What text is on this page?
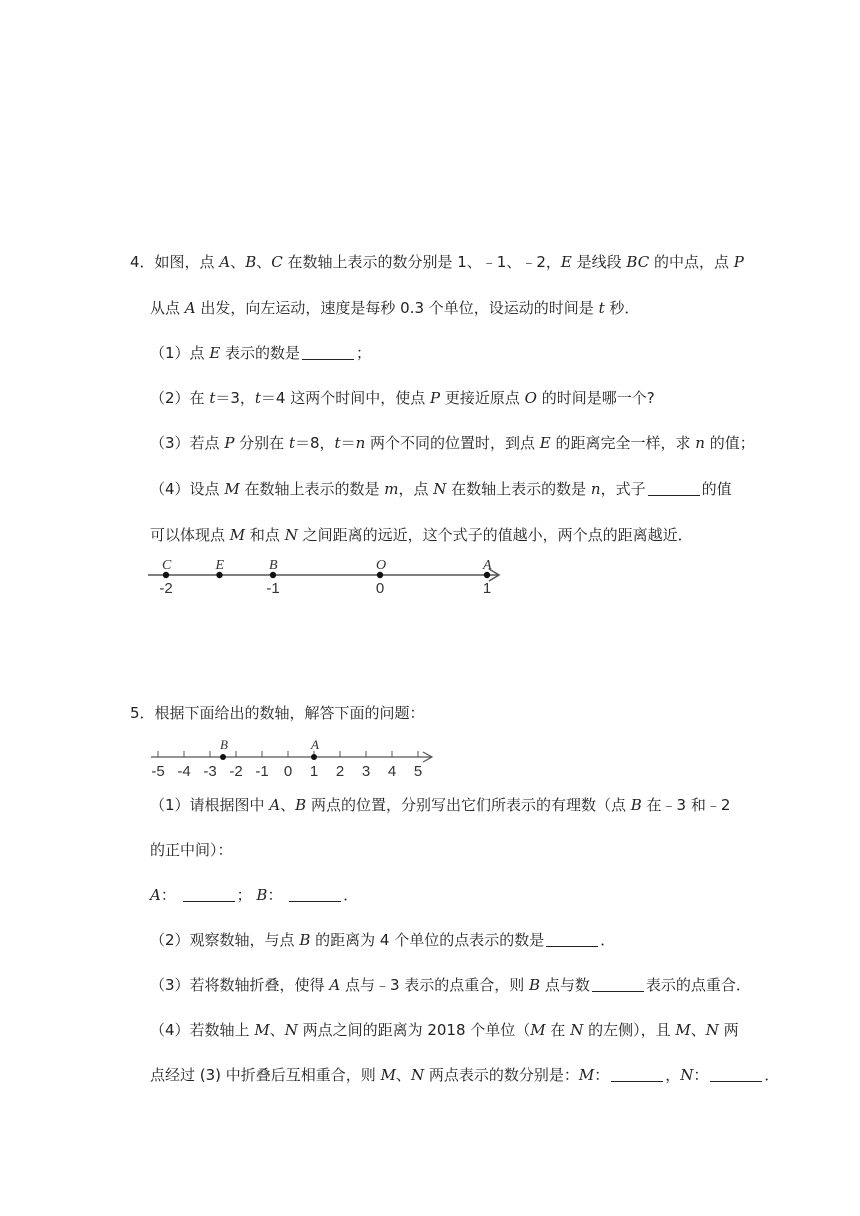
4．如图，点 A、B、C 在数轴上表示的数分别是 1、﹣1、﹣2，E 是线段 BC 的中点，点 P
从点 A 出发，向左运动，速度是每秒 0.3 个单位，设运动的时间是 t 秒．
（1）点 E 表示的数是	；
（2）在 t＝3，t＝4 这两个时间中，使点 P 更接近原点 O 的时间是哪一个?
（3）若点 P 分别在 t＝8，t＝n 两个不同的位置时，到点 E 的距离完全一样，求 n 的值；
（4）设点 M 在数轴上表示的数是 m，点 N 在数轴上表示的数是 n，式子	的值
可以体现点 M 和点 N 之间距离的远近，这个式子的值越小，两个点的距离越近．
C
-2
E	B
-1
O
0
A
1
5．根据下面给出的数轴，解答下面的问题：
-5 -4 -3 -2 -1 0 1 2 3 4 5
B	A
（1）请根据图中 A、B 两点的位置，分别写出它们所表示的有理数（点 B 在﹣3 和﹣2
的正中间）：
A：	； B：	．
（2）观察数轴，与点 B 的距离为 4 个单位的点表示的数是	．
（3）若将数轴折叠，使得 A 点与﹣3 表示的点重合，则 B 点与数	表示的点重合．
（4）若数轴上 M、N 两点之间的距离为 2018 个单位（M 在 N 的左侧），且 M、N 两
点经过 (3) 中折叠后互相重合，则 M、N 两点表示的数分别是：M：	，N：	．
